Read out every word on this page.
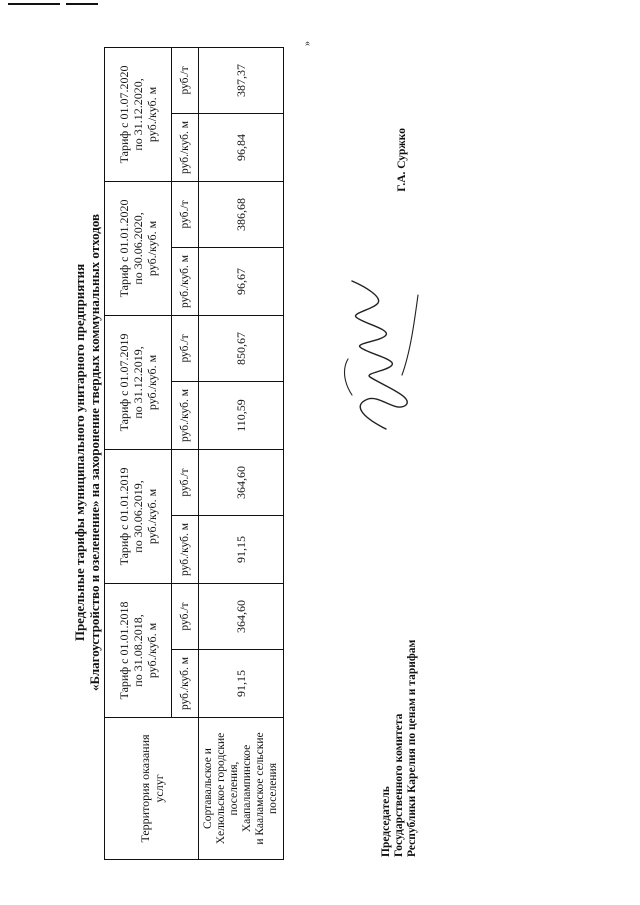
»
Предельные тарифы муниципального унитарного предприятия «Благоустройство и озеленение» на захоронение твердых коммунальных отходов
Территория оказания услуг	Тариф с 01.01.2018
по 31.08.2018,
руб./куб. м		Тариф с 01.01.2019
по 30.06.2019,
руб./куб. м		Тариф с 01.07.2019
по 31.12.2019,
руб./куб. м		Тариф с 01.01.2020
по 30.06.2020,
руб./куб. м		Тариф с 01.07.2020
по 31.12.2020,
руб./куб. м	
	руб./куб. м	руб./т	руб./куб. м	руб./т	руб./куб. м	руб./т	руб./куб. м	руб./т	руб./куб. м	руб./т
Сортавальское и
Хелюльское городские
поселения, Хаапалампинское
и Кааламское сельские
поселения	91,15	364,60	91,15	364,60	110,59	850,67	96,67	386,68	96,84	387,37
Председатель Государственного комитета Республики Карелия по ценам и тарифам
Г.А. Суржко
